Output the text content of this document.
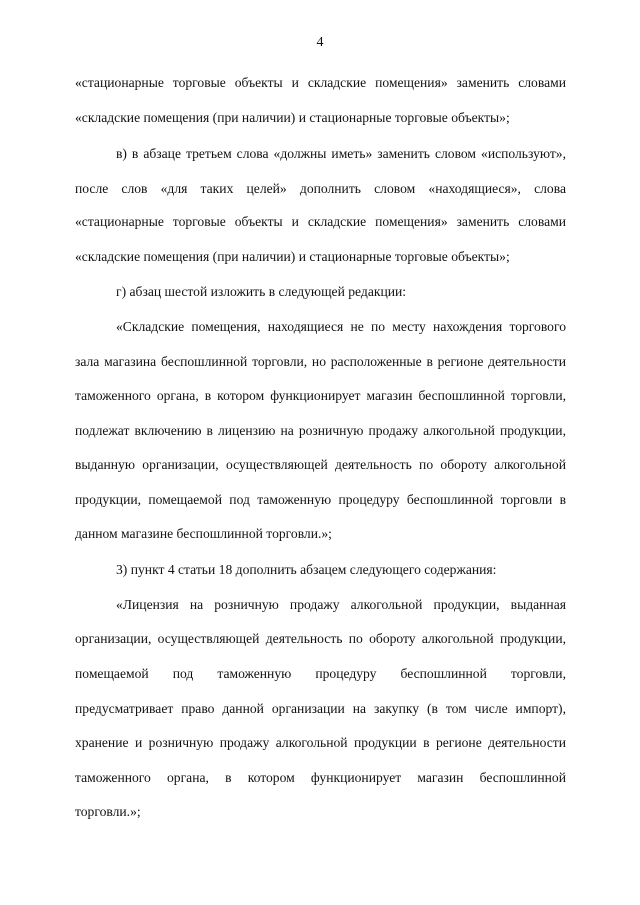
4
«стационарные торговые объекты и складские помещения» заменить словами
«складские помещения (при наличии) и стационарные торговые объекты»;
в) в абзаце третьем слова «должны иметь» заменить словом «используют»,
после слов «для таких целей» дополнить словом «находящиеся», слова
«стационарные торговые объекты и складские помещения» заменить словами
«складские помещения (при наличии) и стационарные торговые объекты»;
г) абзац шестой изложить в следующей редакции:
«Складские помещения, находящиеся не по месту нахождения торгового
зала магазина беспошлинной торговли, но расположенные в регионе деятельности
таможенного органа, в котором функционирует магазин беспошлинной торговли,
подлежат включению в лицензию на розничную продажу алкогольной продукции,
выданную организации, осуществляющей деятельность по обороту алкогольной
продукции, помещаемой под таможенную процедуру беспошлинной торговли в
данном магазине беспошлинной торговли.»;
3) пункт 4 статьи 18 дополнить абзацем следующего содержания:
«Лицензия на розничную продажу алкогольной продукции, выданная
организации, осуществляющей деятельность по обороту алкогольной продукции,
помещаемой под таможенную процедуру беспошлинной торговли,
предусматривает право данной организации на закупку (в том числе импорт),
хранение и розничную продажу алкогольной продукции в регионе деятельности
таможенного органа, в котором функционирует магазин беспошлинной
торговли.»;
